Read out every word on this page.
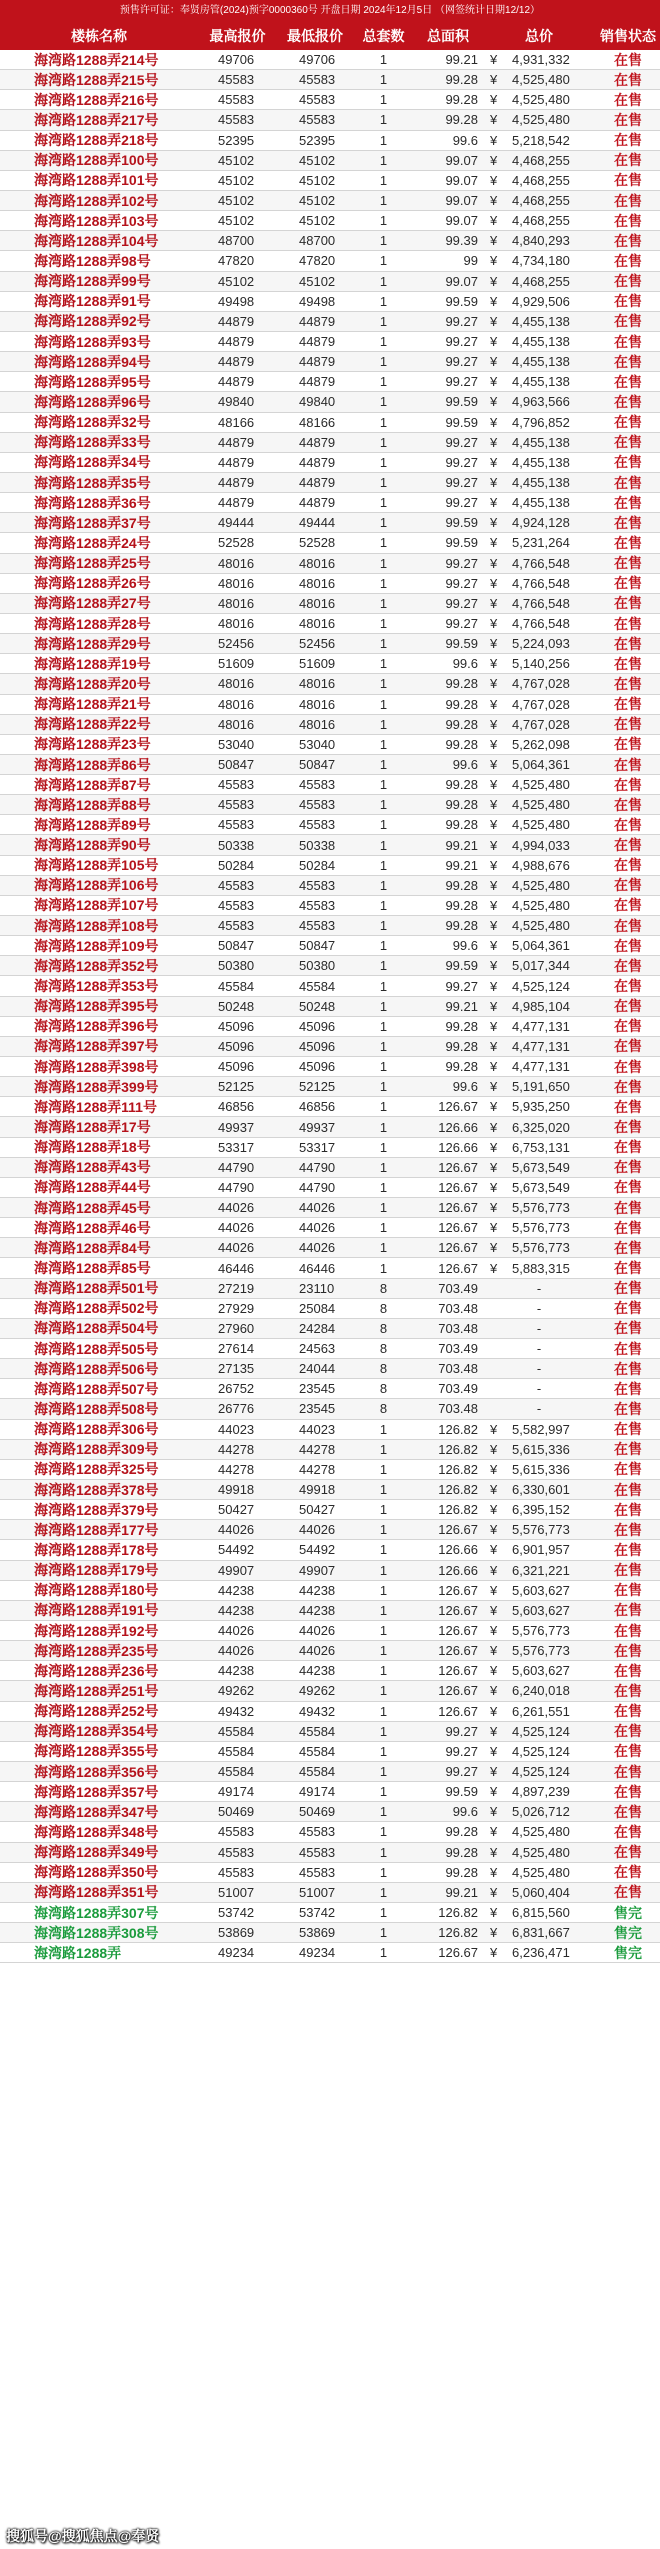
预售许可证：奉贤房管(2024)预字0000360号 开盘日期 2024年12月5日 （网签统计日期12/12）
楼栋名称	最高报价	最低报价	总套数	总面积	总价	销售状态
海湾路1288弄214号	49706	49706	1	99.21 ¥ 4,931,332	在售
海湾路1288弄215号	45583	45583	1	99.28 ¥ 4,525,480	在售
海湾路1288弄216号	45583	45583	1	99.28 ¥ 4,525,480	在售
海湾路1288弄217号	45583	45583	1	99.28 ¥ 4,525,480	在售
海湾路1288弄218号	52395	52395	1	99.6 ¥ 5,218,542	在售
海湾路1288弄100号	45102	45102	1	99.07 ¥ 4,468,255	在售
海湾路1288弄101号	45102	45102	1	99.07 ¥ 4,468,255	在售
海湾路1288弄102号	45102	45102	1	99.07 ¥ 4,468,255	在售
海湾路1288弄103号	45102	45102	1	99.07 ¥ 4,468,255	在售
海湾路1288弄104号	48700	48700	1	99.39 ¥ 4,840,293	在售
海湾路1288弄98号	47820	47820	1	99 ¥ 4,734,180	在售
海湾路1288弄99号	45102	45102	1	99.07 ¥ 4,468,255	在售
海湾路1288弄91号	49498	49498	1	99.59 ¥ 4,929,506	在售
海湾路1288弄92号	44879	44879	1	99.27 ¥ 4,455,138	在售
海湾路1288弄93号	44879	44879	1	99.27 ¥ 4,455,138	在售
海湾路1288弄94号	44879	44879	1	99.27 ¥ 4,455,138	在售
海湾路1288弄95号	44879	44879	1	99.27 ¥ 4,455,138	在售
海湾路1288弄96号	49840	49840	1	99.59 ¥ 4,963,566	在售
海湾路1288弄32号	48166	48166	1	99.59 ¥ 4,796,852	在售
海湾路1288弄33号	44879	44879	1	99.27 ¥ 4,455,138	在售
海湾路1288弄34号	44879	44879	1	99.27 ¥ 4,455,138	在售
海湾路1288弄35号	44879	44879	1	99.27 ¥ 4,455,138	在售
海湾路1288弄36号	44879	44879	1	99.27 ¥ 4,455,138	在售
海湾路1288弄37号	49444	49444	1	99.59 ¥ 4,924,128	在售
海湾路1288弄24号	52528	52528	1	99.59 ¥ 5,231,264	在售
海湾路1288弄25号	48016	48016	1	99.27 ¥ 4,766,548	在售
海湾路1288弄26号	48016	48016	1	99.27 ¥ 4,766,548	在售
海湾路1288弄27号	48016	48016	1	99.27 ¥ 4,766,548	在售
海湾路1288弄28号	48016	48016	1	99.27 ¥ 4,766,548	在售
海湾路1288弄29号	52456	52456	1	99.59 ¥ 5,224,093	在售
海湾路1288弄19号	51609	51609	1	99.6 ¥ 5,140,256	在售
海湾路1288弄20号	48016	48016	1	99.28 ¥ 4,767,028	在售
海湾路1288弄21号	48016	48016	1	99.28 ¥ 4,767,028	在售
海湾路1288弄22号	48016	48016	1	99.28 ¥ 4,767,028	在售
海湾路1288弄23号	53040	53040	1	99.28 ¥ 5,262,098	在售
海湾路1288弄86号	50847	50847	1	99.6 ¥ 5,064,361	在售
海湾路1288弄87号	45583	45583	1	99.28 ¥ 4,525,480	在售
海湾路1288弄88号	45583	45583	1	99.28 ¥ 4,525,480	在售
海湾路1288弄89号	45583	45583	1	99.28 ¥ 4,525,480	在售
海湾路1288弄90号	50338	50338	1	99.21 ¥ 4,994,033	在售
海湾路1288弄105号	50284	50284	1	99.21 ¥ 4,988,676	在售
海湾路1288弄106号	45583	45583	1	99.28 ¥ 4,525,480	在售
海湾路1288弄107号	45583	45583	1	99.28 ¥ 4,525,480	在售
海湾路1288弄108号	45583	45583	1	99.28 ¥ 4,525,480	在售
海湾路1288弄109号	50847	50847	1	99.6 ¥ 5,064,361	在售
海湾路1288弄352号	50380	50380	1	99.59 ¥ 5,017,344	在售
海湾路1288弄353号	45584	45584	1	99.27 ¥ 4,525,124	在售
海湾路1288弄395号	50248	50248	1	99.21 ¥ 4,985,104	在售
海湾路1288弄396号	45096	45096	1	99.28 ¥ 4,477,131	在售
海湾路1288弄397号	45096	45096	1	99.28 ¥ 4,477,131	在售
海湾路1288弄398号	45096	45096	1	99.28 ¥ 4,477,131	在售
海湾路1288弄399号	52125	52125	1	99.6 ¥ 5,191,650	在售
海湾路1288弄111号	46856	46856	1	126.67 ¥ 5,935,250	在售
海湾路1288弄17号	49937	49937	1	126.66 ¥ 6,325,020	在售
海湾路1288弄18号	53317	53317	1	126.66 ¥ 6,753,131	在售
海湾路1288弄43号	44790	44790	1	126.67 ¥ 5,673,549	在售
海湾路1288弄44号	44790	44790	1	126.67 ¥ 5,673,549	在售
海湾路1288弄45号	44026	44026	1	126.67 ¥ 5,576,773	在售
海湾路1288弄46号	44026	44026	1	126.67 ¥ 5,576,773	在售
海湾路1288弄84号	44026	44026	1	126.67 ¥ 5,576,773	在售
海湾路1288弄85号	46446	46446	1	126.67 ¥ 5,883,315	在售
海湾路1288弄501号	27219	23110	8	703.49	-	在售
海湾路1288弄502号	27929	25084	8	703.48	-	在售
海湾路1288弄504号	27960	24284	8	703.48	-	在售
海湾路1288弄505号	27614	24563	8	703.49	-	在售
海湾路1288弄506号	27135	24044	8	703.48	-	在售
海湾路1288弄507号	26752	23545	8	703.49	-	在售
海湾路1288弄508号	26776	23545	8	703.48	-	在售
海湾路1288弄306号	44023	44023	1	126.82 ¥ 5,582,997	在售
海湾路1288弄309号	44278	44278	1	126.82 ¥ 5,615,336	在售
海湾路1288弄325号	44278	44278	1	126.82 ¥ 5,615,336	在售
海湾路1288弄378号	49918	49918	1	126.82 ¥ 6,330,601	在售
海湾路1288弄379号	50427	50427	1	126.82 ¥ 6,395,152	在售
海湾路1288弄177号	44026	44026	1	126.67 ¥ 5,576,773	在售
海湾路1288弄178号	54492	54492	1	126.66 ¥ 6,901,957	在售
海湾路1288弄179号	49907	49907	1	126.66 ¥ 6,321,221	在售
海湾路1288弄180号	44238	44238	1	126.67 ¥ 5,603,627	在售
海湾路1288弄191号	44238	44238	1	126.67 ¥ 5,603,627	在售
海湾路1288弄192号	44026	44026	1	126.67 ¥ 5,576,773	在售
海湾路1288弄235号	44026	44026	1	126.67 ¥ 5,576,773	在售
海湾路1288弄236号	44238	44238	1	126.67 ¥ 5,603,627	在售
海湾路1288弄251号	49262	49262	1	126.67 ¥ 6,240,018	在售
海湾路1288弄252号	49432	49432	1	126.67 ¥ 6,261,551	在售
海湾路1288弄354号	45584	45584	1	99.27 ¥ 4,525,124	在售
海湾路1288弄355号	45584	45584	1	99.27 ¥ 4,525,124	在售
海湾路1288弄356号	45584	45584	1	99.27 ¥ 4,525,124	在售
海湾路1288弄357号	49174	49174	1	99.59 ¥ 4,897,239	在售
海湾路1288弄347号	50469	50469	1	99.6 ¥ 5,026,712	在售
海湾路1288弄348号	45583	45583	1	99.28 ¥ 4,525,480	在售
海湾路1288弄349号	45583	45583	1	99.28 ¥ 4,525,480	在售
海湾路1288弄350号	45583	45583	1	99.28 ¥ 4,525,480	在售
海湾路1288弄351号	51007	51007	1	99.21 ¥ 5,060,404	在售
海湾路1288弄307号	53742	53742	1	126.82 ¥ 6,815,560	售完
海湾路1288弄308号	53869	53869	1	126.82 ¥ 6,831,667	售完
海湾路1288弄	49234	49234	1	126.67 ¥ 6,236,471	售完

搜狐号@搜狐焦点@奉贤
